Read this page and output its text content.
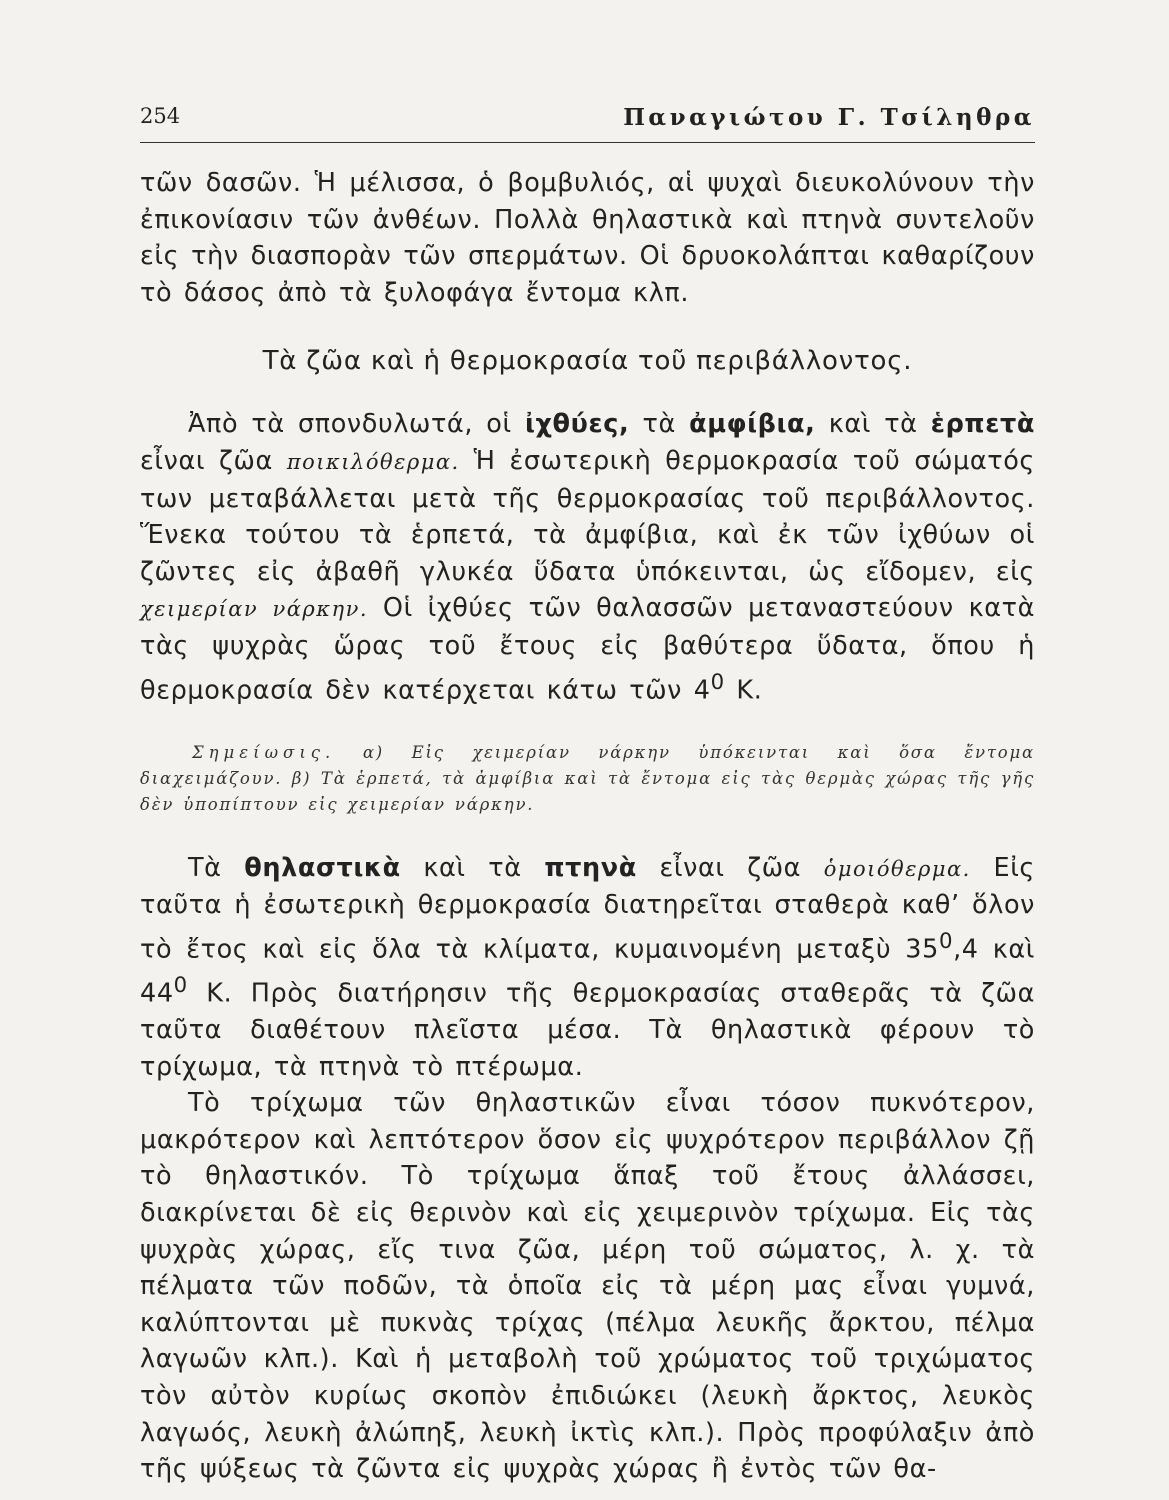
254	Παναγιώτου Γ. Τσίληθρα

τῶν δασῶν. Ἡ μέλισσα, ὁ βομβυλιός, αἱ ψυχαὶ διευκολύνουν τὴν ἐπικονίασιν τῶν ἀνθέων. Πολλὰ θηλαστικὰ καὶ πτηνὰ συντελοῦν εἰς τὴν διασπορὰν τῶν σπερμάτων. Οἱ δρυοκολάπται καθαρίζουν τὸ δάσος ἀπὸ τὰ ξυλοφάγα ἔντομα κλπ.

Τὰ ζῶα καὶ ἡ θερμοκρασία τοῦ περιβάλλοντος.

Ἀπὸ τὰ σπονδυλωτά, οἱ ἰχθύες, τὰ ἀμφίβια, καὶ τὰ ἑρπετὰ εἶναι ζῶα ποικιλόθερμα. Ἡ ἐσωτερικὴ θερμοκρασία τοῦ σώματός των μεταβάλλεται μετὰ τῆς θερμοκρασίας τοῦ περιβάλλοντος. Ἕνεκα τούτου τὰ ἑρπετά, τὰ ἀμφίβια, καὶ ἐκ τῶν ἰχθύων οἱ ζῶντες εἰς ἀβαθῆ γλυκέα ὕδατα ὑπόκεινται, ὡς εἴδομεν, εἰς χειμερίαν νάρκην. Οἱ ἰχθύες τῶν θαλασσῶν μεταναστεύουν κατὰ τὰς ψυχρὰς ὥρας τοῦ ἔτους εἰς βαθύτερα ὕδατα, ὅπου ἡ θερμοκρασία δὲν κατέρχεται κάτω τῶν $4^0$ Κ.

Σημείωσις. α) Εἰς χειμερίαν νάρκην ὑπόκεινται καὶ ὅσα ἔντομα διαχειμάζουν. β) Τὰ ἑρπετά, τὰ ἀμφίβια καὶ τὰ ἔντομα εἰς τὰς θερμὰς χώρας τῆς γῆς δὲν ὑποπίπτουν εἰς χειμερίαν νάρκην.

Τὰ θηλαστικὰ καὶ τὰ πτηνὰ εἶναι ζῶα ὁμοιόθερμα. Εἰς ταῦτα ἡ ἐσωτερικὴ θερμοκρασία διατηρεῖται σταθερὰ καθ’ ὅλον τὸ ἔτος καὶ εἰς ὅλα τὰ κλίματα, κυμαινομένη μεταξὺ $35^0,4$ καὶ $44^0$ Κ. Πρὸς διατήρησιν τῆς θερμοκρασίας σταθερᾶς τὰ ζῶα ταῦτα διαθέτουν πλεῖστα μέσα. Τὰ θηλαστικὰ φέρουν τὸ τρίχωμα, τὰ πτηνὰ τὸ πτέρωμα.

Τὸ τρίχωμα τῶν θηλαστικῶν εἶναι τόσον πυκνότερον, μακρότερον καὶ λεπτότερον ὅσον εἰς ψυχρότερον περιβάλλον ζῇ τὸ θηλαστικόν. Τὸ τρίχωμα ἅπαξ τοῦ ἔτους ἀλλάσσει, διακρίνεται δὲ εἰς θερινὸν καὶ εἰς χειμερινὸν τρίχωμα. Εἰς τὰς ψυχρὰς χώρας, εἴς τινα ζῶα, μέρη τοῦ σώματος, λ. χ. τὰ πέλματα τῶν ποδῶν, τὰ ὁποῖα εἰς τὰ μέρη μας εἶναι γυμνά, καλύπτονται μὲ πυκνὰς τρίχας (πέλμα λευκῆς ἄρκτου, πέλμα λαγωῶν κλπ.). Καὶ ἡ μεταβολὴ τοῦ χρώματος τοῦ τριχώματος τὸν αὐτὸν κυρίως σκοπὸν ἐπιδιώκει (λευκὴ ἄρκτος, λευκὸς λαγωός, λευκὴ ἀλώπηξ, λευκὴ ἰκτὶς κλπ.). Πρὸς προφύλαξιν ἀπὸ τῆς ψύξεως τὰ ζῶντα εἰς ψυχρὰς χώρας ἢ ἐντὸς τῶν θα-
